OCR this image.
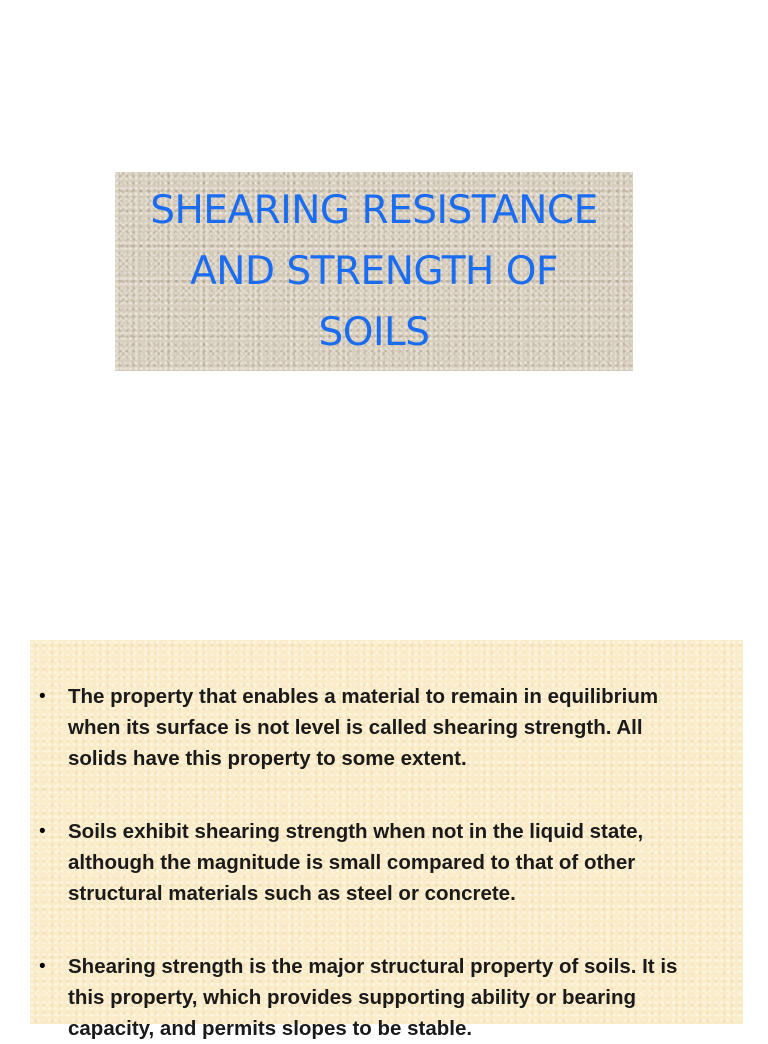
SHEARING RESISTANCE
AND STRENGTH OF
SOILS
• The property that enables a material to remain in equilibrium
when its surface is not level is called shearing strength. All
solids have this property to some extent.
• Soils exhibit shearing strength when not in the liquid state,
although the magnitude is small compared to that of other
structural materials such as steel or concrete.
• Shearing strength is the major structural property of soils. It is
this property, which provides supporting ability or bearing
capacity, and permits slopes to be stable.
